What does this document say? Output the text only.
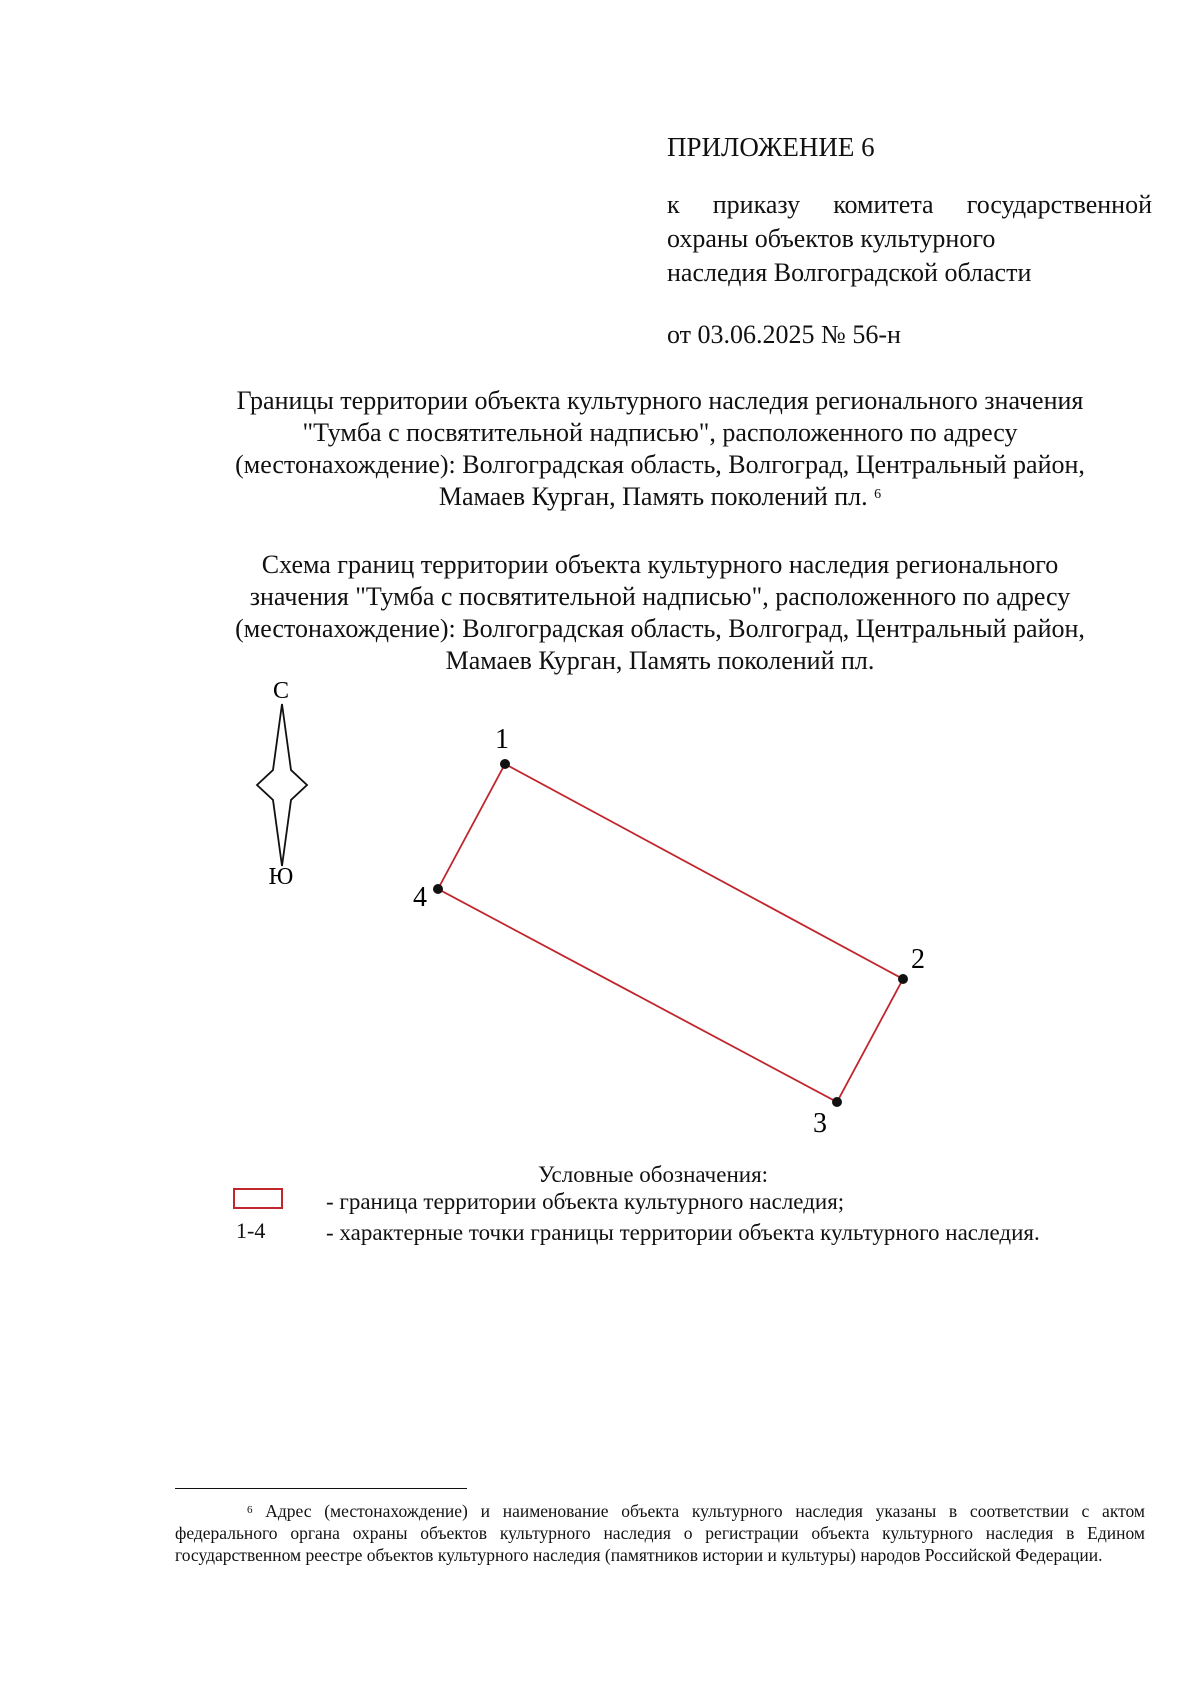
ПРИЛОЖЕНИЕ 6
к приказу комитета государственной
охраны объектов культурного
наследия Волгоградской области
от 03.06.2025 № 56-н
Границы территории объекта культурного наследия регионального значения
"Тумба с посвятительной надписью", расположенного по адресу
(местонахождение): Волгоградская область, Волгоград, Центральный район,
Мамаев Курган, Память поколений пл. $^6$
Схема границ территории объекта культурного наследия регионального
значения "Тумба с посвятительной надписью", расположенного по адресу
(местонахождение): Волгоградская область, Волгоград, Центральный район,
Мамаев Курган, Память поколений пл.
С
Ю
1
2
3
4
Условные обозначения:
- граница территории объекта культурного наследия;
1-4	- характерные точки границы территории объекта культурного наследия.
$^6$ Адрес (местонахождение) и наименование объекта культурного наследия указаны в соответствии с актом федерального органа охраны объектов культурного наследия о регистрации объекта культурного наследия в Едином государственном реестре объектов культурного наследия (памятников истории и культуры) народов Российской Федерации.
